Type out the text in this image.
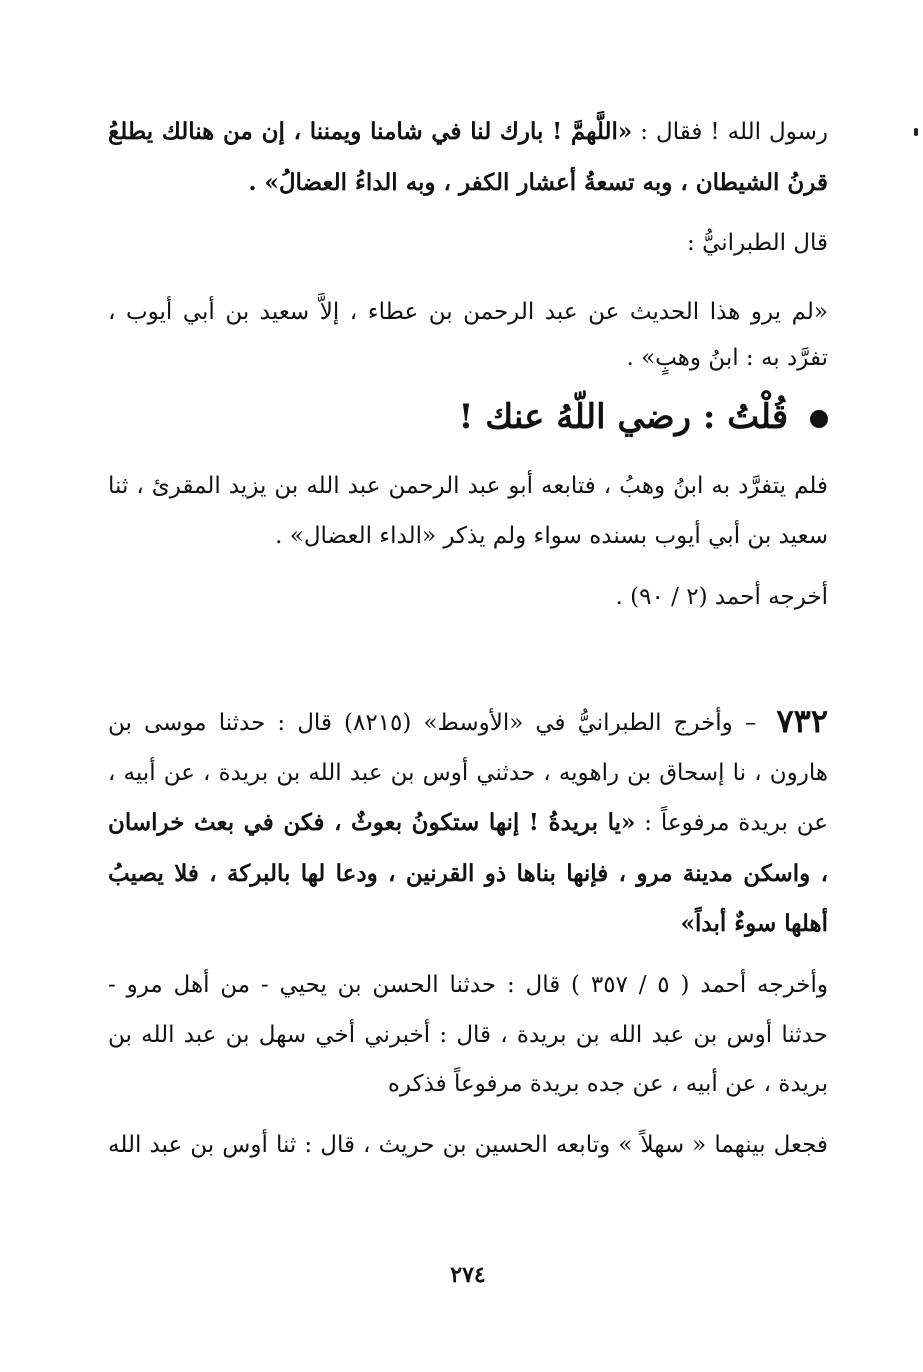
رسول الله ! فقال : «اللَّهمَّ ! بارك لنا في شامنا ويمننا ، إن من هنالك يطلعُ
قرنُ الشيطان ، وبه تسعةُ أعشار الكفر ، وبه الداءُ العضالُ» .
قال الطبرانيُّ :
«لم يرو هذا الحديث عن عبد الرحمن بن عطاء ، إلاَّ سعيد بن أبي أيوب ،
تفرَّد به : ابنُ وهبٍ» .
قُلْتُ : رضي اللّهُ عنك !
فلم يتفرَّد به ابنُ وهبُ ، فتابعه أبو عبد الرحمن عبد الله بن يزيد المقرئ ، ثنا
سعيد بن أبي أيوب بسنده سواء ولم يذكر «الداء العضال» .
أخرجه أحمد (٢ / ٩٠) .
٧٣٢ – وأخرج الطبرانيُّ في «الأوسط» (٨٢١٥) قال : حدثنا موسى بن
هارون ، نا إسحاق بن راهويه ، حدثني أوس بن عبد الله بن بريدة ، عن أبيه ،
عن بريدة مرفوعاً : «يا بريدةُ ! إنها ستكونُ بعوثٌ ، فكن في بعث خراسان
، واسكن مدينة مرو ، فإنها بناها ذو القرنين ، ودعا لها بالبركة ، فلا يصيبُ
أهلها سوءٌ أبداً»
وأخرجه أحمد ( ٥ / ٣٥٧ ) قال : حدثنا الحسن بن يحيي - من أهل مرو -
حدثنا أوس بن عبد الله بن بريدة ، قال : أخبرني أخي سهل بن عبد الله بن
بريدة ، عن أبيه ، عن جده بريدة مرفوعاً فذكره
فجعل بينهما « سهلاً » وتابعه الحسين بن حريث ، قال : ثنا أوس بن عبد الله
٢٧٤
